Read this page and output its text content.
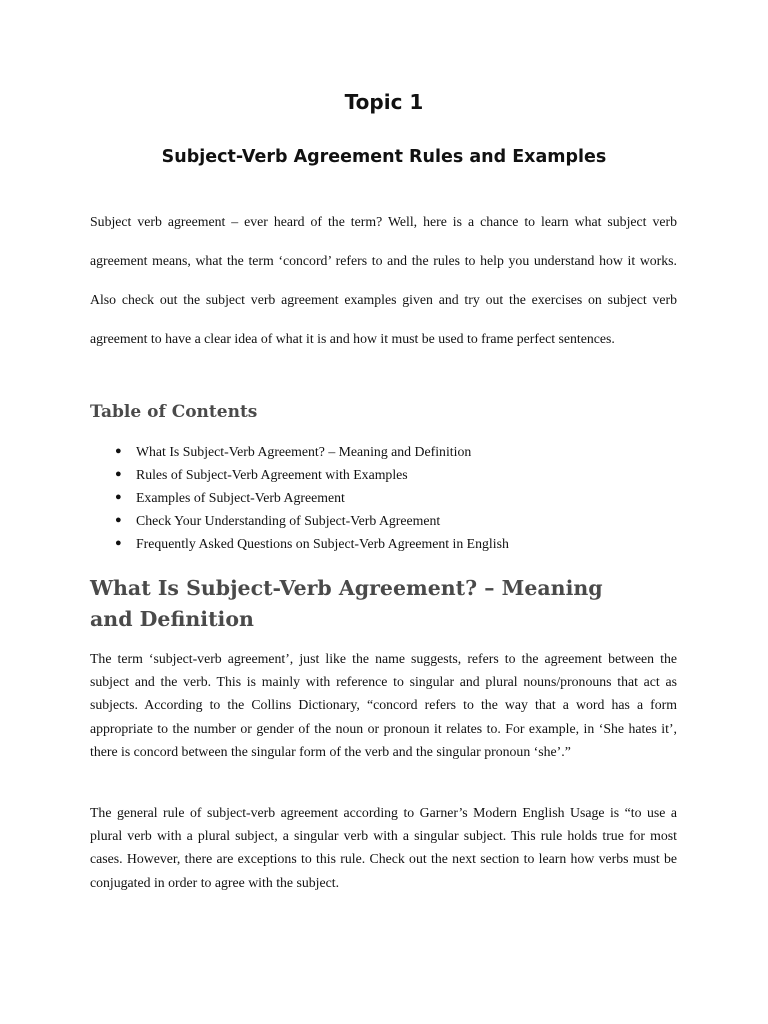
Topic 1
Subject-Verb Agreement Rules and Examples

Subject verb agreement – ever heard of the term? Well, here is a chance to learn what subject verb agreement means, what the term ‘concord’ refers to and the rules to help you understand how it works. Also check out the subject verb agreement examples given and try out the exercises on subject verb agreement to have a clear idea of what it is and how it must be used to frame perfect sentences.

Table of Contents
● What Is Subject-Verb Agreement? – Meaning and Definition
● Rules of Subject-Verb Agreement with Examples
● Examples of Subject-Verb Agreement
● Check Your Understanding of Subject-Verb Agreement
● Frequently Asked Questions on Subject-Verb Agreement in English
What Is Subject-Verb Agreement? – Meaning and Definition

The term ‘subject-verb agreement’, just like the name suggests, refers to the agreement between the subject and the verb. This is mainly with reference to singular and plural nouns/pronouns that act as subjects. According to the Collins Dictionary, “concord refers to the way that a word has a form appropriate to the number or gender of the noun or pronoun it relates to. For example, in ‘She hates it’, there is concord between the singular form of the verb and the singular pronoun ‘she’.”

The general rule of subject-verb agreement according to Garner’s Modern English Usage is “to use a plural verb with a plural subject, a singular verb with a singular subject. This rule holds true for most cases. However, there are exceptions to this rule. Check out the next section to learn how verbs must be conjugated in order to agree with the subject.
